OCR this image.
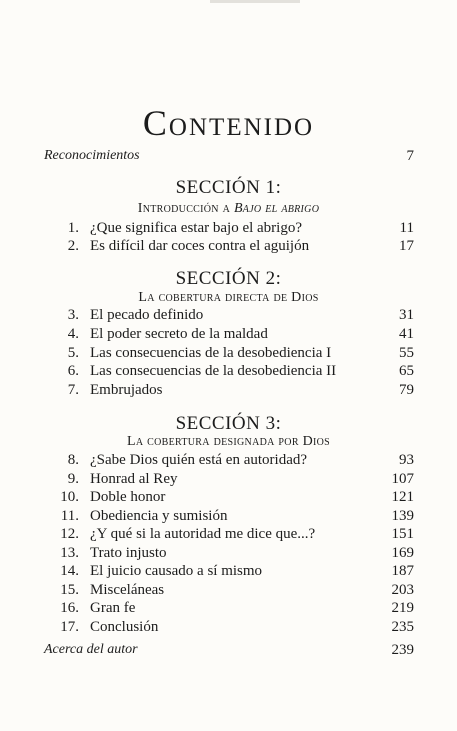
Contenido
Reconocimientos	7
SECCIÓN 1:
Introducción a Bajo el abrigo
1. ¿Que significa estar bajo el abrigo?	11
2. Es difícil dar coces contra el aguijón	17
SECCIÓN 2:
La cobertura directa de Dios
3. El pecado definido	31
4. El poder secreto de la maldad	41
5. Las consecuencias de la desobediencia I	55
6. Las consecuencias de la desobediencia II	65
7. Embrujados	79
SECCIÓN 3:
La cobertura designada por Dios
8. ¿Sabe Dios quién está en autoridad?	93
9. Honrad al Rey	107
10. Doble honor	121
11. Obediencia y sumisión	139
12. ¿Y qué si la autoridad me dice que...?	151
13. Trato injusto	169
14. El juicio causado a sí mismo	187
15. Misceláneas	203
16. Gran fe	219
17. Conclusión	235
Acerca del autor	239
